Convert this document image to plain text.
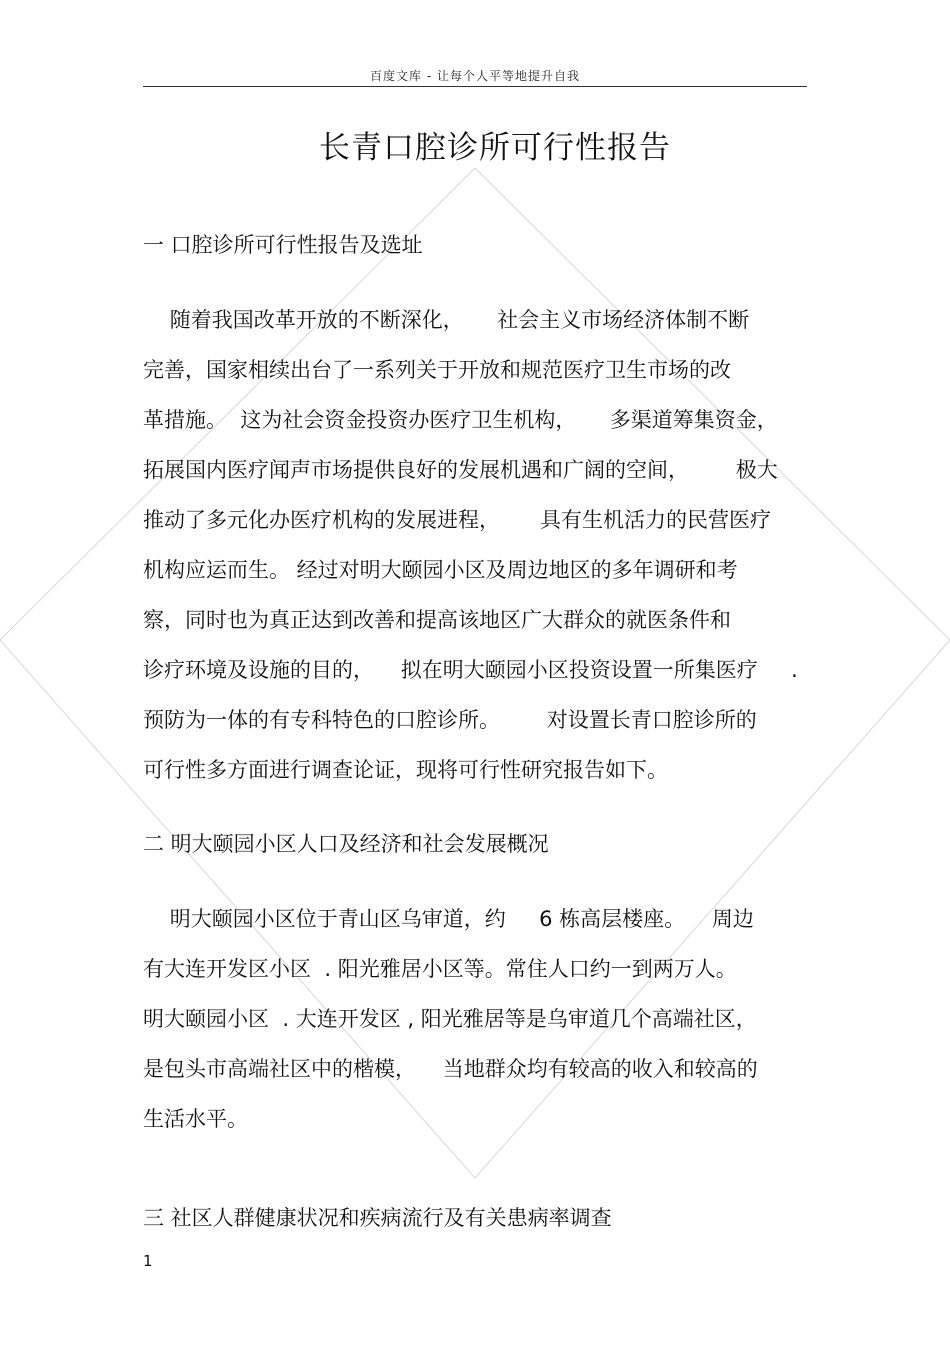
百度文库 - 让每个人平等地提升自我
长青口腔诊所可行性报告
一 口腔诊所可行性报告及选址
随着我国改革开放的不断深化，     社会主义市场经济体制不断
完善，国家相续出台了一系列关于开放和规范医疗卫生市场的改
革措施。  这为社会资金投资办医疗卫生机构，     多渠道筹集资金，
拓展国内医疗闻声市场提供良好的发展机遇和广阔的空间，       极大
推动了多元化办医疗机构的发展进程，      具有生机活力的民营医疗
机构应运而生。 经过对明大颐园小区及周边地区的多年调研和考
察，同时也为真正达到改善和提高该地区广大群众的就医条件和
诊疗环境及设施的目的，    拟在明大颐园小区投资设置一所集医疗     .
预防为一体的有专科特色的口腔诊所。       对设置长青口腔诊所的
可行性多方面进行调查论证，现将可行性研究报告如下。
二 明大颐园小区人口及经济和社会发展概况
明大颐园小区位于青山区乌审道，约     6 栋高层楼座。    周边
有大连开发区小区  . 阳光雅居小区等。常住人口约一到两万人。
明大颐园小区  . 大连开发区 , 阳光雅居等是乌审道几个高端社区，
是包头市高端社区中的楷模，    当地群众均有较高的收入和较高的
生活水平。
三 社区人群健康状况和疾病流行及有关患病率调查
1
